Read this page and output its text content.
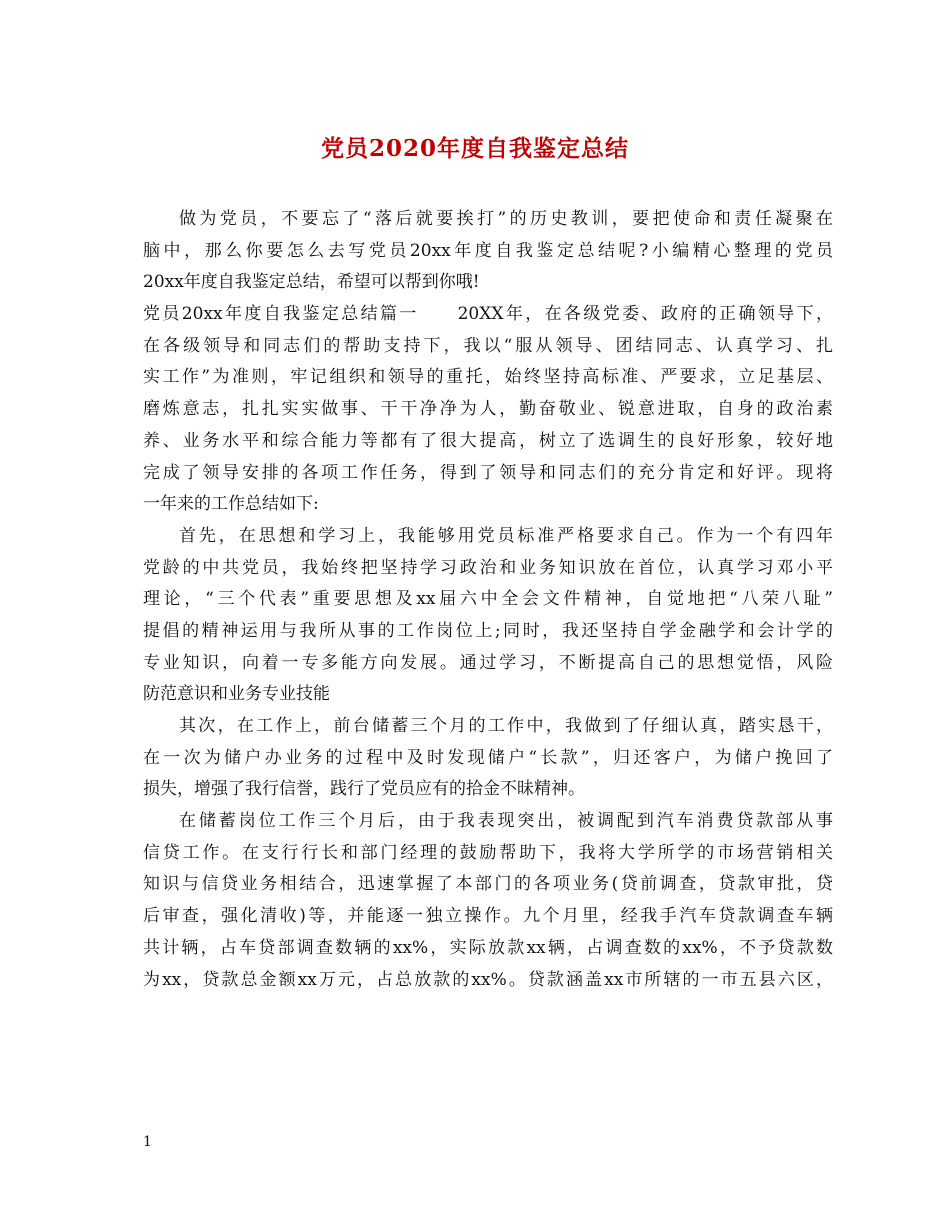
党员2020年度自我鉴定总结
做为党员，不要忘了“落后就要挨打”的历史教训，要把使命和责任凝聚在
脑中，那么你要怎么去写党员20xx年度自我鉴定总结呢?小编精心整理的党员
20xx年度自我鉴定总结，希望可以帮到你哦!
党员20xx年度自我鉴定总结篇一　　20XX年，在各级党委、政府的正确领导下，
在各级领导和同志们的帮助支持下，我以“服从领导、团结同志、认真学习、扎
实工作”为准则，牢记组织和领导的重托，始终坚持高标准、严要求，立足基层、
磨炼意志，扎扎实实做事、干干净净为人，勤奋敬业、锐意进取，自身的政治素
养、业务水平和综合能力等都有了很大提高，树立了选调生的良好形象，较好地
完成了领导安排的各项工作任务，得到了领导和同志们的充分肯定和好评。现将
一年来的工作总结如下:
首先，在思想和学习上，我能够用党员标准严格要求自己。作为一个有四年
党龄的中共党员，我始终把坚持学习政治和业务知识放在首位，认真学习邓小平
理论，“三个代表”重要思想及xx届六中全会文件精神，自觉地把“八荣八耻”
提倡的精神运用与我所从事的工作岗位上;同时，我还坚持自学金融学和会计学的
专业知识，向着一专多能方向发展。通过学习，不断提高自己的思想觉悟，风险
防范意识和业务专业技能
其次，在工作上，前台储蓄三个月的工作中，我做到了仔细认真，踏实恳干，
在一次为储户办业务的过程中及时发现储户“长款”，归还客户，为储户挽回了
损失，增强了我行信誉，践行了党员应有的拾金不昧精神。
在储蓄岗位工作三个月后，由于我表现突出，被调配到汽车消费贷款部从事
信贷工作。在支行行长和部门经理的鼓励帮助下，我将大学所学的市场营销相关
知识与信贷业务相结合，迅速掌握了本部门的各项业务(贷前调查，贷款审批，贷
后审查，强化清收)等，并能逐一独立操作。九个月里，经我手汽车贷款调查车辆
共计辆，占车贷部调查数辆的xx%，实际放款xx辆，占调查数的xx%，不予贷款数
为xx，贷款总金额xx万元，占总放款的xx%。贷款涵盖xx市所辖的一市五县六区，
1
